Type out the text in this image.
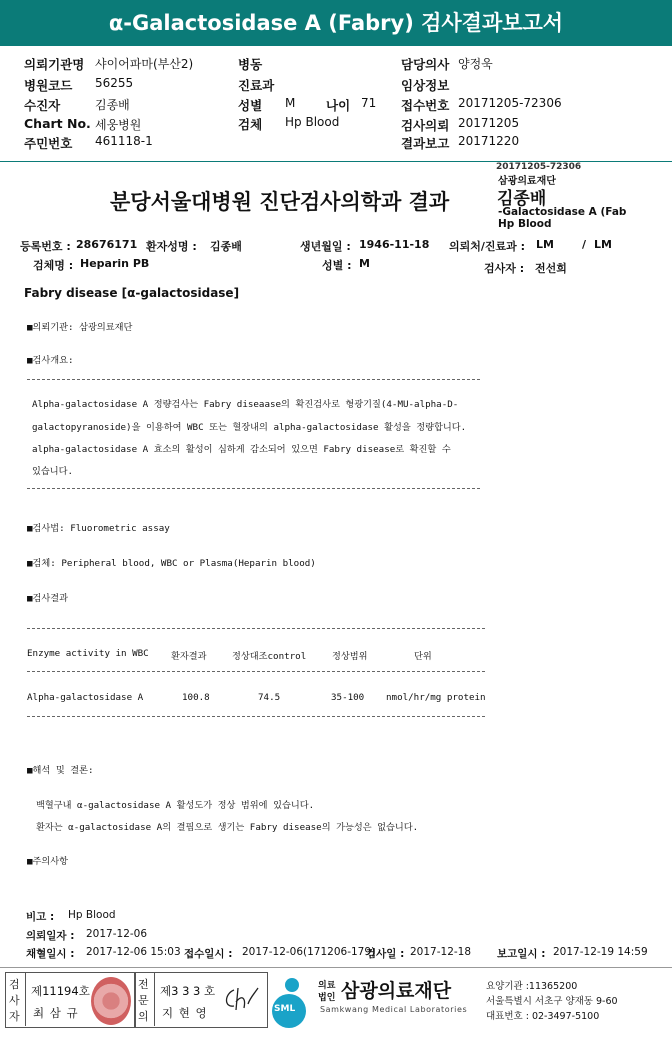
α-Galactosidase A (Fabry) 검사결과보고서
의뢰기관명 샤이어파마(부산2)
병원코드 56255
수진자	김종배
Chart No. 세웅병원
주민번호 461118-1
병동
진료과
성별 M 나이 71
검체 Hp Blood
담당의사 양정욱
임상정보
접수번호 20171205-72306
검사의뢰 20171205
결과보고 20171220
20171205-72306
삼광의료재단
김종배
-Galactosidase A (Fab
Hp Blood
분당서울대병원 진단검사의학과 결과
등록번호 : 28676171 환자성명 : 김종배	생년월일 : 1946-11-18 의뢰처/진료과 : LM	/ LM
검체명 : Heparin PB	성별 : M	검사자 : 전선희
Fabry disease [α-galactosidase]
■의뢰기관: 삼광의료재단
■검사개요:
Alpha-galactosidase A 정량검사는 Fabry diseaase의 확진검사로 형광기질(4-MU-alpha-D-
galactopyranoside)을 이용하여 WBC 또는 혈장내의 alpha-galactosidase 활성을 정량합니다.
alpha-galactosidase A 효소의 활성이 심하게 감소되어 있으면 Fabry disease로 확진할 수
있습니다.
■검사법: Fluorometric assay
■검체: Peripheral blood, WBC or Plasma(Heparin blood)
■검사결과
Enzyme activity in WBC 환자결과	정상대조control	정상범위	단위
Alpha-galactosidase A	100.8	74.5	35-100 nmol/hr/mg protein
■해석 및 결론:
백혈구내 α-galactosidase A 활성도가 정상 범위에 있습니다.
환자는 α-galactosidase A의 결핍으로 생기는 Fabry disease의 가능성은 없습니다.
■주의사항
비고 : Hp Blood
의뢰일자 : 2017-12-06
채혈일시 : 2017-12-06 15:03 접수일시 : 2017-12-06(171206-179)
검사일 : 2017-12-18 보고일시 : 2017-12-19 14:59
검
사
자
제11194호
최 삼 규
전
문
의
제3 3 3 호
지 현 영	SML
의료
법인 삼광의료재단
Samkwang Medical Laboratories
요양기관 :11365200
서울특별시 서초구 양재동 9-60
대표번호 : 02-3497-5100
